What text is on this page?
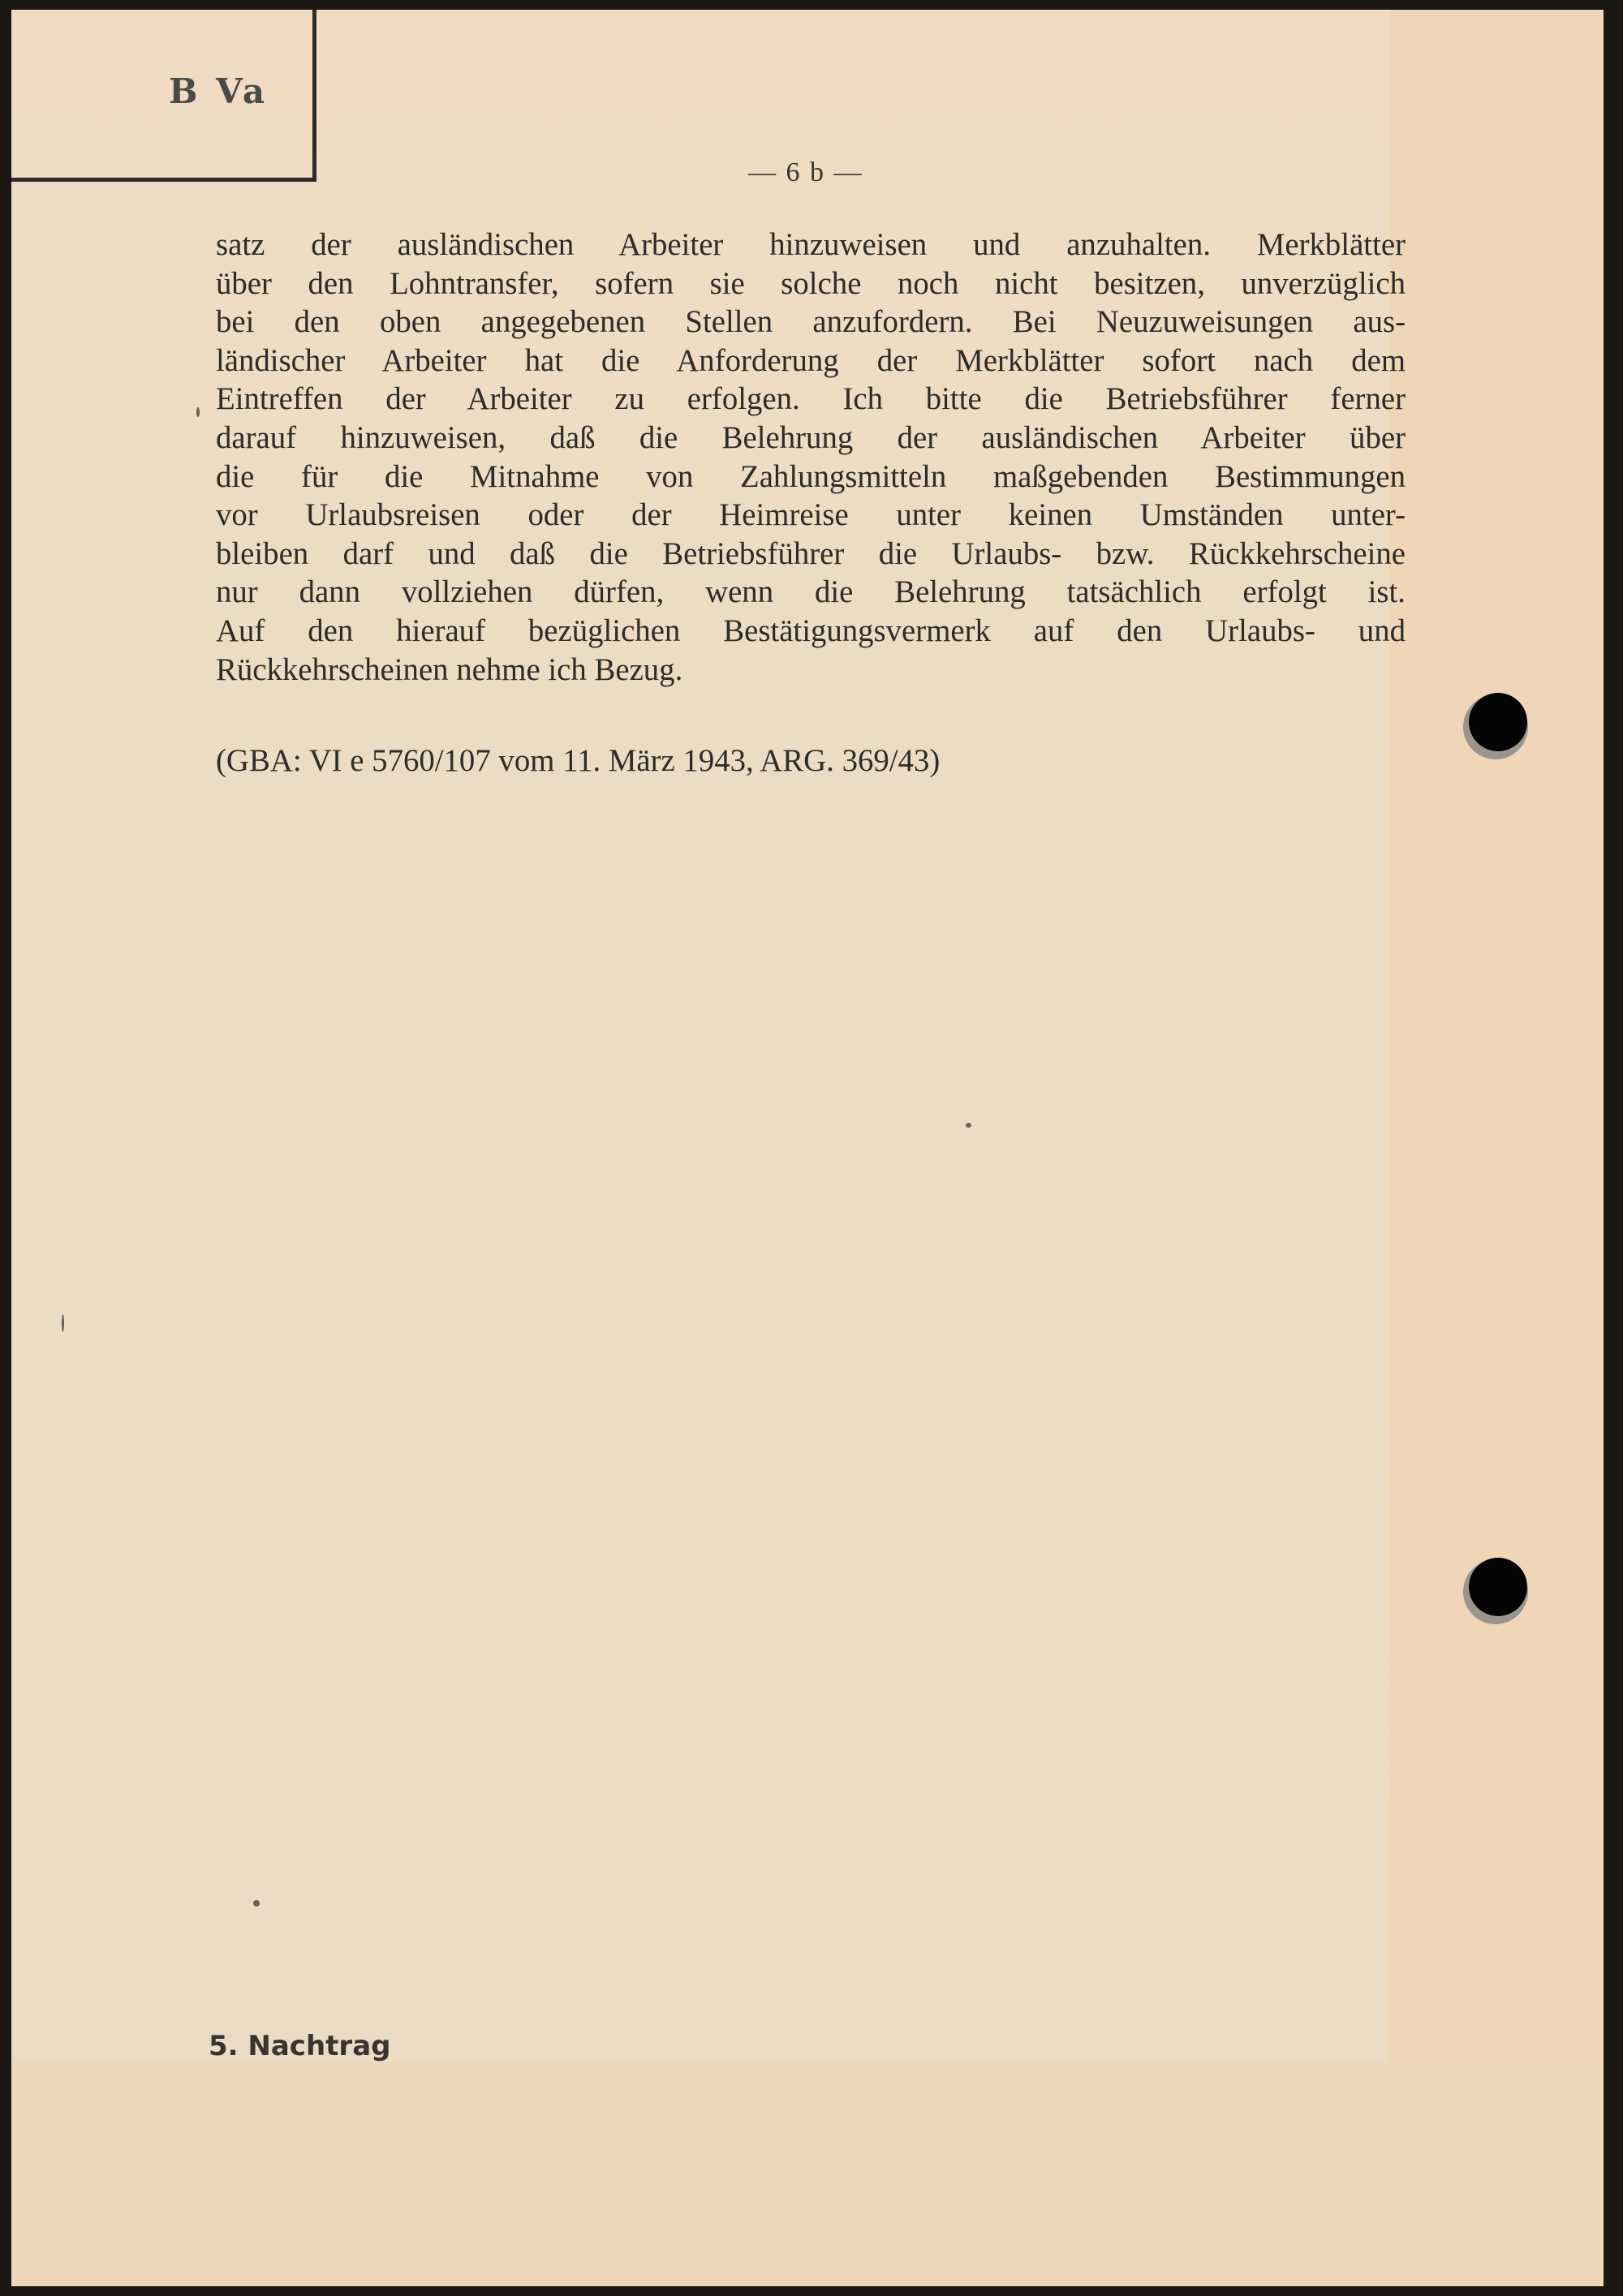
B Va
— 6 b —
satz der ausländischen Arbeiter hinzuweisen und anzuhalten. Merkblätter
über den Lohntransfer, sofern sie solche noch nicht besitzen, unverzüglich
bei den oben angegebenen Stellen anzufordern. Bei Neuzuweisungen aus-
ländischer Arbeiter hat die Anforderung der Merkblätter sofort nach dem
Eintreffen der Arbeiter zu erfolgen. Ich bitte die Betriebsführer ferner
darauf hinzuweisen, daß die Belehrung der ausländischen Arbeiter über
die für die Mitnahme von Zahlungsmitteln maßgebenden Bestimmungen
vor Urlaubsreisen oder der Heimreise unter keinen Umständen unter-
bleiben darf und daß die Betriebsführer die Urlaubs- bzw. Rückkehrscheine
nur dann vollziehen dürfen, wenn die Belehrung tatsächlich erfolgt ist.
Auf den hierauf bezüglichen Bestätigungsvermerk auf den Urlaubs- und
Rückkehrscheinen nehme ich Bezug.
(GBA: VI e 5760/107 vom 11. März 1943, ARG. 369/43)
5. Nachtrag
